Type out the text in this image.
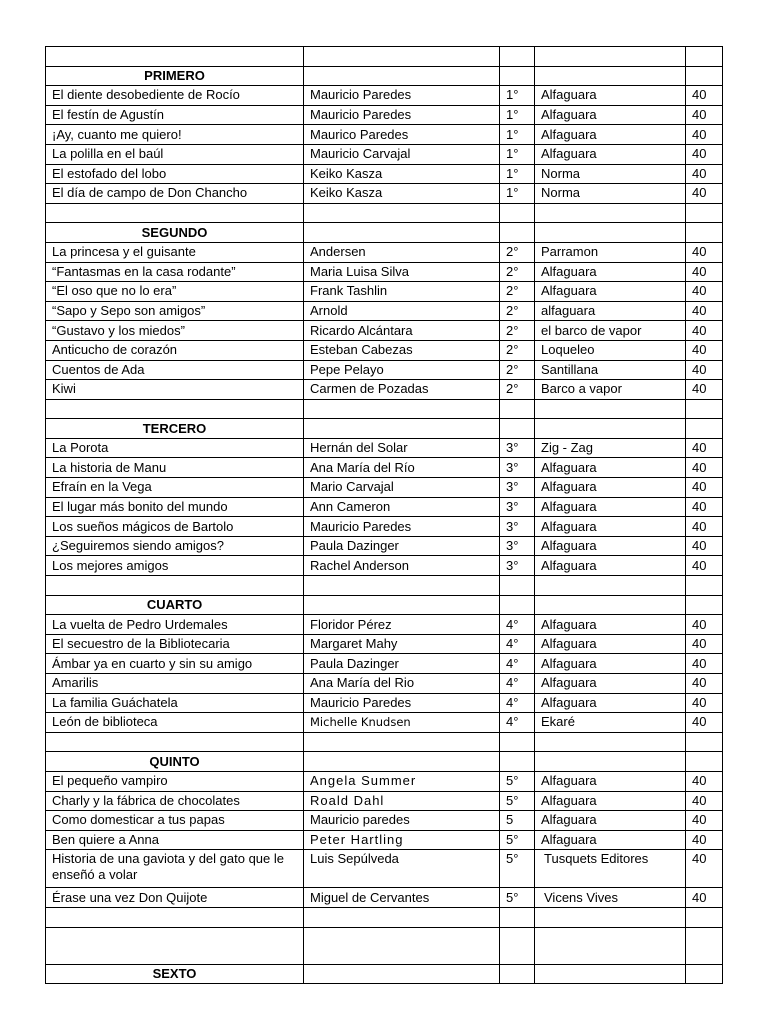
PRIMERO				
El diente desobediente de Rocío	Mauricio Paredes	1°	Alfaguara	40
El festín de Agustín	Mauricio Paredes	1°	Alfaguara	40
¡Ay, cuanto me quiero!	Maurico Paredes	1°	Alfaguara	40
La polilla en el baúl	Mauricio Carvajal	1°	Alfaguara	40
El estofado del lobo	Keiko Kasza	1°	Norma	40
El día de campo de Don Chancho	Keiko Kasza	1°	Norma	40

SEGUNDO				
La princesa y el guisante	Andersen	2°	Parramon	40
“Fantasmas en la casa rodante”	Maria Luisa Silva	2°	Alfaguara	40
“El oso que no lo era”	Frank Tashlin	2°	Alfaguara	40
“Sapo y Sepo son amigos”	Arnold	2°	alfaguara	40
“Gustavo y los miedos”	Ricardo Alcántara	2°	el barco de vapor	40
Anticucho de corazón	Esteban Cabezas	2°	Loqueleo	40
Cuentos de Ada	Pepe Pelayo	2°	Santillana	40
Kiwi	Carmen de Pozadas	2°	Barco a vapor	40

TERCERO				
La Porota	Hernán del Solar	3°	Zig - Zag	40
La historia de Manu	Ana María del Río	3°	Alfaguara	40
Efraín en la Vega	Mario Carvajal	3°	Alfaguara	40
El lugar más bonito del mundo	Ann Cameron	3°	Alfaguara	40
Los sueños mágicos de Bartolo	Mauricio Paredes	3°	Alfaguara	40
¿Seguiremos siendo amigos?	Paula Dazinger	3°	Alfaguara	40
Los mejores amigos	Rachel Anderson	3°	Alfaguara	40

CUARTO				
La vuelta de Pedro Urdemales	Floridor Pérez	4°	Alfaguara	40
El secuestro de la Bibliotecaria	Margaret Mahy	4°	Alfaguara	40
Ámbar ya en cuarto y sin su amigo	Paula Dazinger	4°	Alfaguara	40
Amarilis	Ana María del Rio	4°	Alfaguara	40
La familia Guáchatela	Mauricio Paredes	4°	Alfaguara	40
León de biblioteca	Michelle Knudsen	4°	Ekaré	40

QUINTO				
El pequeño vampiro	Angela Summer	5°	Alfaguara	40
Charly y la fábrica de chocolates	Roald Dahl	5°	Alfaguara	40
Como domesticar a tus papas	Mauricio paredes	5	Alfaguara	40
Ben quiere a Anna	Peter Hartling	5°	Alfaguara	40
Historia de una gaviota y del gato que le enseñó a volar	Luis Sepúlveda	5°	Tusquets Editores	40
Érase una vez Don Quijote	Miguel de Cervantes	5°	Vicens Vives	40

SEXTO				
